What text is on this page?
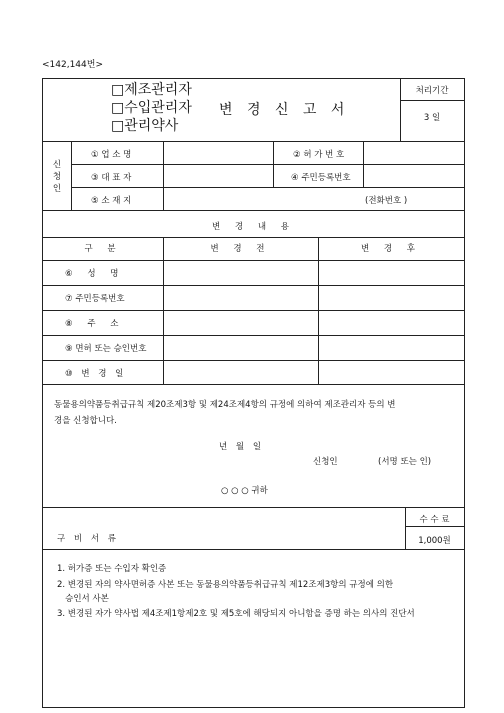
<142,144번>
□제조관리자
□수입관리자
□관리약사
변 경 신 고 서
처리기간
3 일
신
청
인
① 업 소 명	② 허 가 번 호
③ 대 표 자	④ 주민등록번호
⑤ 소 재 지	(전화번호 )
변 경 내 용
구 분	변 경 전	변 경 후
⑥ 성 명
⑦ 주민등록번호
⑧ 주 소
⑨ 면허 또는 승인번호
⑩ 변 경 일
동물용의약품등취급규칙 제20조제3항 및 제24조제4항의 규정에 의하여 제조관리자 등의 변
경을 신청합니다.
년 월 일
신청인	(서명 또는 인)
○ ○ ○ 귀하
수 수 료
1,000원
구 비 서 류
1. 허가증 또는 수입자 확인증
2. 변경된 자의 약사면허증 사본 또는 동물용의약품등취급규칙 제12조제3항의 규정에 의한
승인서 사본
3. 변경된 자가 약사법 제4조제1항제2호 및 제5호에 해당되지 아니함을 증명 하는 의사의 진단서
